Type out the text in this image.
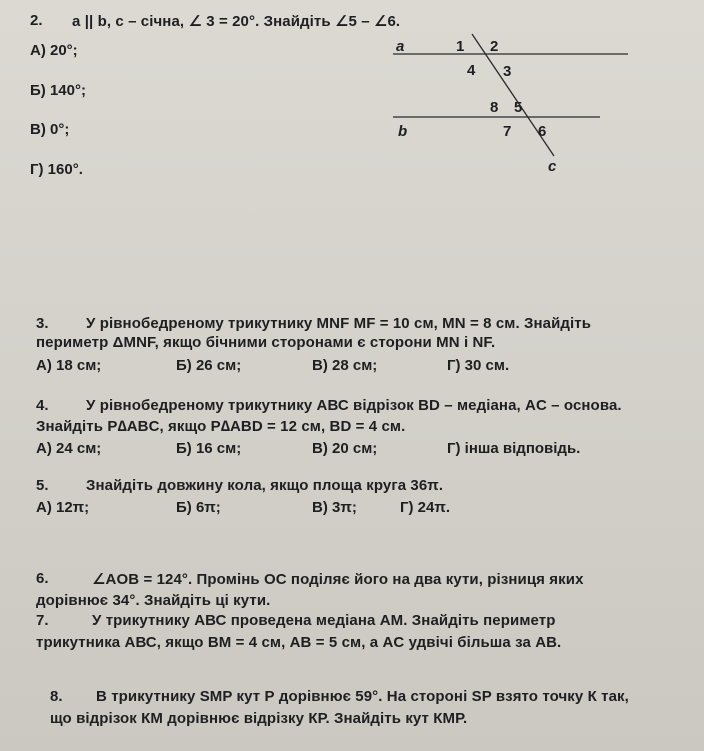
2. a || b, c – січна, ∠ 3 = 20°. Знайдіть ∠5 – ∠6.
А) 20°;
Б) 140°;
В) 0°;
Г) 160°.
a
b
c
1 2
4 3
8 5
7 6
3. У рівнобедреному трикутнику MNF MF = 10 см, MN = 8 см. Знайдіть
периметр ΔMNF, якщо бічними сторонами є сторони MN і NF.
А) 18 см;	Б) 26 см;	В) 28 см;	Г) 30 см.
4. У рівнобедреному трикутнику АВС відрізок BD – медіана, AC – основа.
Знайдіть P∆ABC, якщо P∆ABD = 12 см, BD = 4 см.
А) 24 см;	Б) 16 см;	В) 20 см;	Г) інша відповідь.
5. Знайдіть довжину кола, якщо площа круга 36π.
А) 12π;	Б) 6π;	В) 3π;	Г) 24π.
6.	∠AOB = 124°. Промінь OC поділяє його на два кути, різниця яких
дорівнює 34°. Знайдіть ці кути.
7.	У трикутнику АВС проведена медіана АМ. Знайдіть периметр
трикутника АВС, якщо BM = 4 см, AB = 5 см, а AC удвічі більша за АВ.
8. В трикутнику SMP кут Р дорівнює 59°. На стороні SP взято точку К так,
що відрізок КМ дорівнює відрізку КР. Знайдіть кут КМР.
